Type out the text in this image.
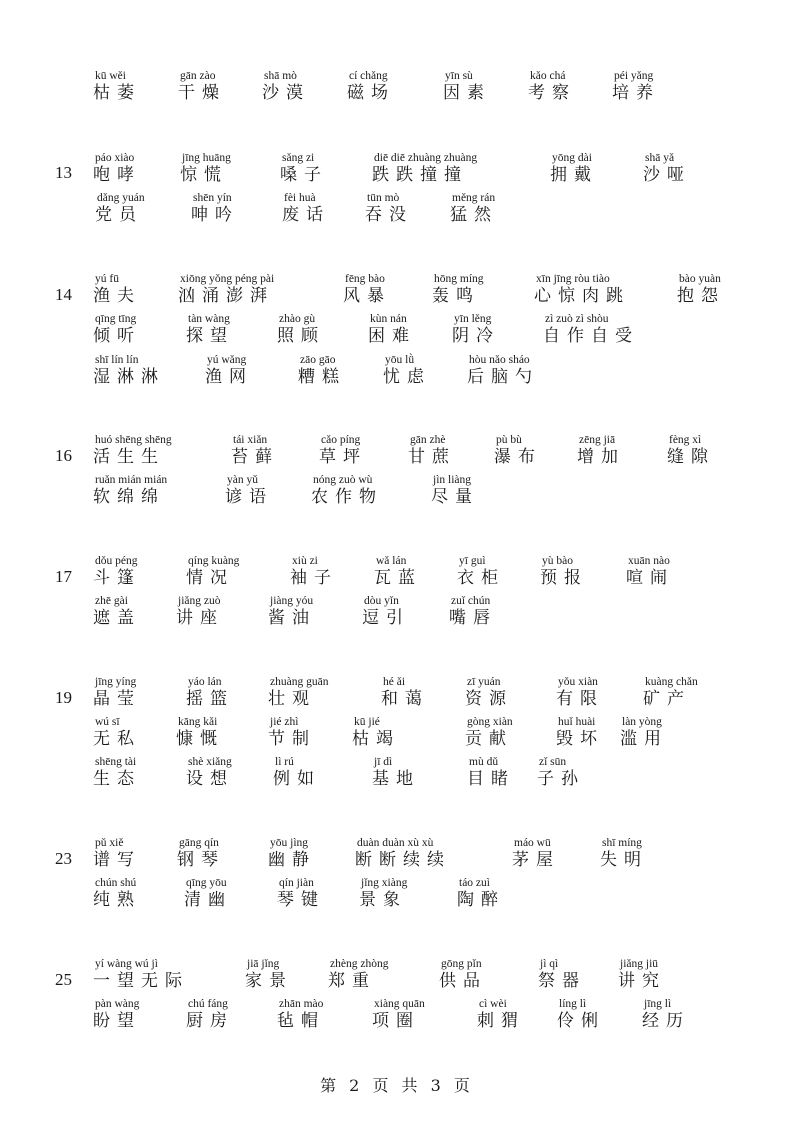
kū wěi
枯萎
gān zào
干燥
shā mò
沙漠
cí chǎng
磁场
yīn sù
因素
kǎo chá
考察
péi yǎng
培养
13
páo xiào
咆哮
jīng huāng
惊慌
sǎng zi
嗓子
diē diē zhuàng zhuàng
跌跌撞撞
yōng dài
拥戴
shā yǎ
沙哑
dǎng yuán
党员
shēn yín
呻吟
fèi huà
废话
tūn mò
吞没
měng rán
猛然
14
yú fū
渔夫
xiōng yǒng péng pài
汹涌澎湃
fēng bào
风暴
hōng míng
轰鸣
xīn jīng ròu tiào
心惊肉跳
bào yuàn
抱怨
qīng tīng
倾听
tàn wàng
探望
zhào gù
照顾
kùn nán
困难
yīn lěng
阴冷
zì zuò zì shòu
自作自受
shī lín lín
湿淋淋
yú wǎng
渔网
zāo gāo
糟糕
yōu lǜ
忧虑
hòu nǎo sháo
后脑勺
16
huó shēng shēng
活生生
tái xiǎn
苔藓
cǎo píng
草坪
gān zhè
甘蔗
pù bù
瀑布
zēng jiā
增加
fèng xì
缝隙
ruǎn mián mián
软绵绵
yàn yǔ
谚语
nóng zuò wù
农作物
jìn liàng
尽量
17
dǒu péng
斗篷
qíng kuàng
情况
xiù zi
袖子
wǎ lán
瓦蓝
yī guì
衣柜
yù bào
预报
xuān nào
喧闹
zhē gài
遮盖
jiǎng zuò
讲座
jiàng yóu
酱油
dòu yǐn
逗引
zuǐ chún
嘴唇
19
jīng yíng
晶莹
yáo lán
摇篮
zhuàng guān
壮观
hé ǎi
和蔼
zī yuán
资源
yǒu xiàn
有限
kuàng chǎn
矿产
wú sī
无私
kāng kǎi
慷慨
jié zhì
节制
kū jié
枯竭
gòng xiàn
贡献
huǐ huài
毁坏
làn yòng
滥用
shēng tài
生态
shè xiǎng
设想
lì rú
例如
jī dì
基地
mù dǔ
目睹
zǐ sūn
子孙
23
pǔ xiě
谱写
gāng qín
钢琴
yōu jìng
幽静
duàn duàn xù xù
断断续续
máo wū
茅屋
shī míng
失明
chún shú
纯熟
qīng yōu
清幽
qín jiàn
琴键
jǐng xiàng
景象
táo zuì
陶醉
25
yí wàng wú jì
一望无际
jiā jǐng
家景
zhèng zhòng
郑重
gōng pǐn
供品
jì qì
祭器
jiǎng jiū
讲究
pàn wàng
盼望
chú fáng
厨房
zhān mào
毡帽
xiàng quān
项圈
cì wèi
刺猬
líng lì
伶俐
jīng lì
经历
第 2 页 共 3 页
